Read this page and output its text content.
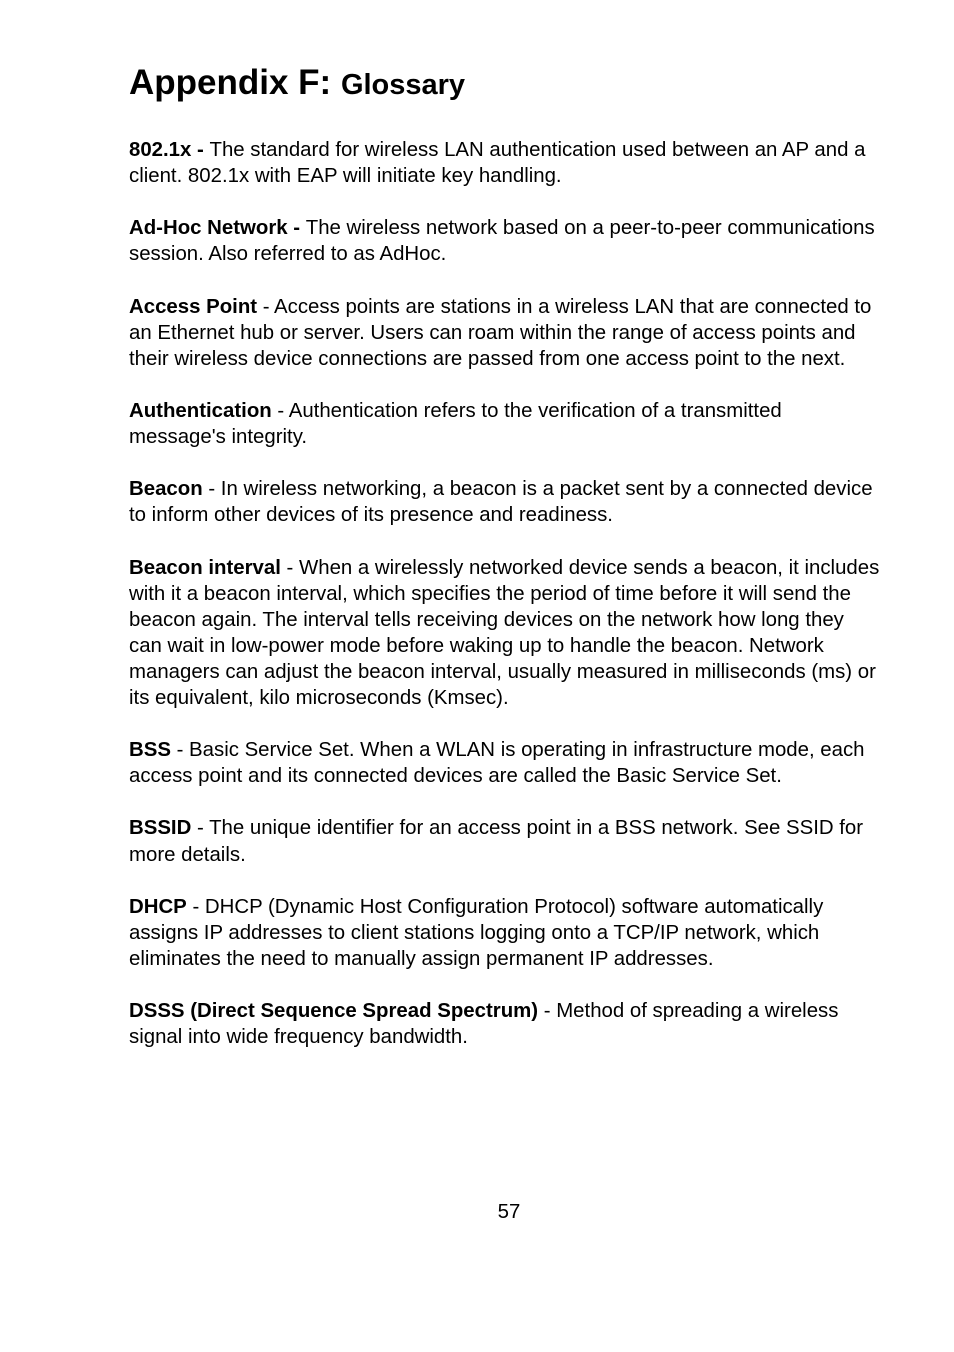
Appendix F: Glossary

802.1x - The standard for wireless LAN authentication used between an AP and a client. 802.1x with EAP will initiate key handling.

Ad-Hoc Network - The wireless network based on a peer-to-peer communications session. Also referred to as AdHoc.

Access Point - Access points are stations in a wireless LAN that are connected to an Ethernet hub or server. Users can roam within the range of access points and their wireless device connections are passed from one access point to the next.

Authentication - Authentication refers to the verification of a transmitted message's integrity.

Beacon - In wireless networking, a beacon is a packet sent by a connected device to inform other devices of its presence and readiness.

Beacon interval - When a wirelessly networked device sends a beacon, it includes with it a beacon interval, which specifies the period of time before it will send the beacon again. The interval tells receiving devices on the network how long they can wait in low-power mode before waking up to handle the beacon. Network managers can adjust the beacon interval, usually measured in milliseconds (ms) or its equivalent, kilo microseconds (Kmsec).

BSS - Basic Service Set. When a WLAN is operating in infrastructure mode, each access point and its connected devices are called the Basic Service Set.

BSSID - The unique identifier for an access point in a BSS network. See SSID for more details.

DHCP - DHCP (Dynamic Host Configuration Protocol) software automatically assigns IP addresses to client stations logging onto a TCP/IP network, which eliminates the need to manually assign permanent IP addresses.

DSSS (Direct Sequence Spread Spectrum) - Method of spreading a wireless signal into wide frequency bandwidth.

57
